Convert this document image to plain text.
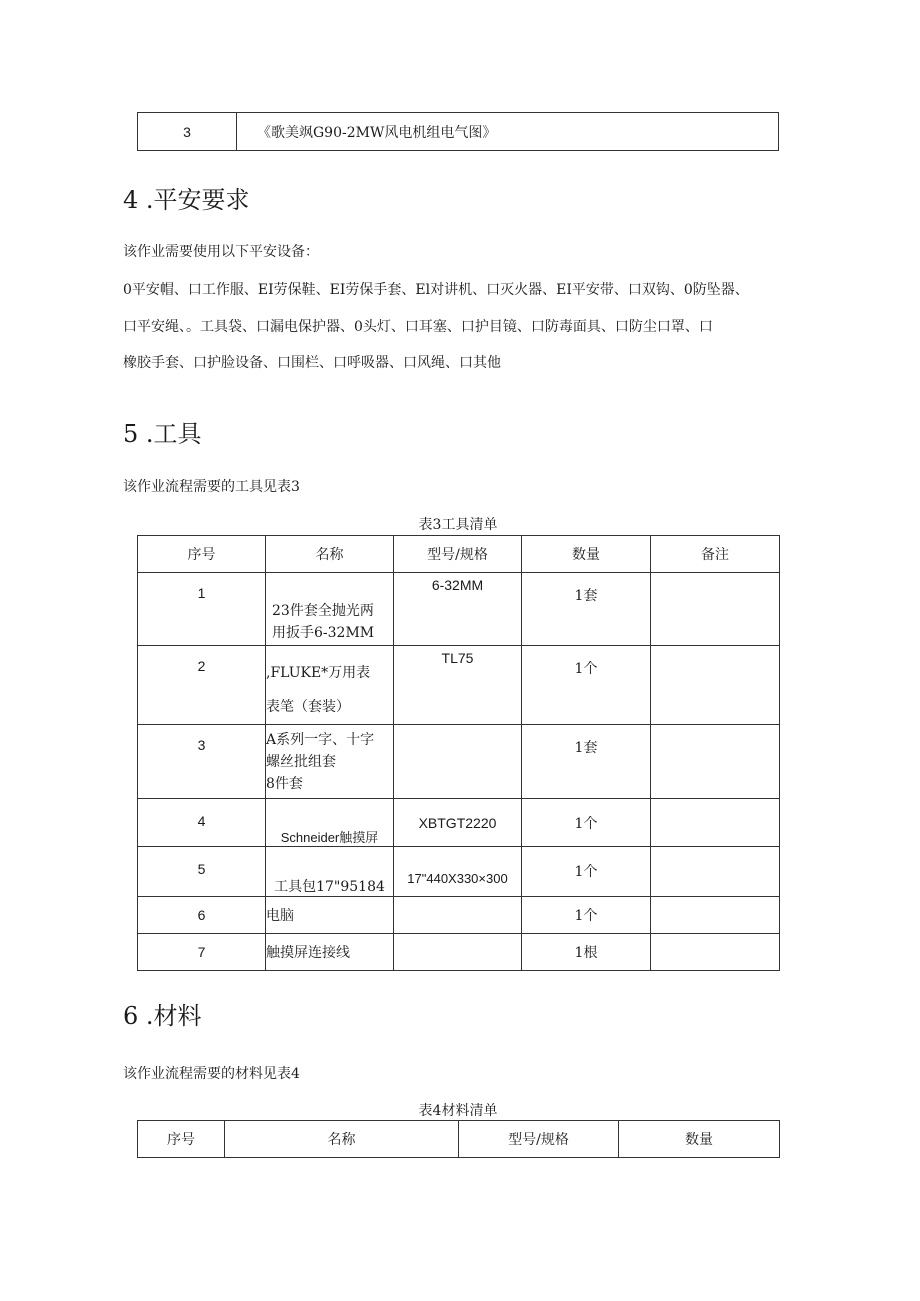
3	《歌美飒G90-2MW风电机组电气图》
4 .平安要求

该作业需要使用以下平安设备：

0平安帽、口工作服、EI劳保鞋、EI劳保手套、El对讲机、口灭火器、EI平安带、口双钩、0防坠器、

口平安绳、。工具袋、口漏电保护器、0头灯、口耳塞、口护目镜、口防毒面具、口防尘口罩、口

橡胶手套、口护脸设备、口围栏、口呼吸器、口风绳、口其他

5 .工具

该作业流程需要的工具见表3

表3工具清单

序号	名称	型号/规格	数量	备注
1	23件套全抛光两
用扳手6-32MM	6-32MM	1套	
2	,FLUKE*万用表
表笔（套装）	TL75	1个	
3	A系列一字、十字
螺丝批组套
8件套		1套	
4	Schneider触摸屏	XBTGT2220	1个	
5	工具包17"95184	17"440X330×300	1个	
6	电脑		1个	
7	触摸屏连接线		1根	
6 .材料

该作业流程需要的材料见表4

表4材料清单

序号	名称	型号/规格	数量
